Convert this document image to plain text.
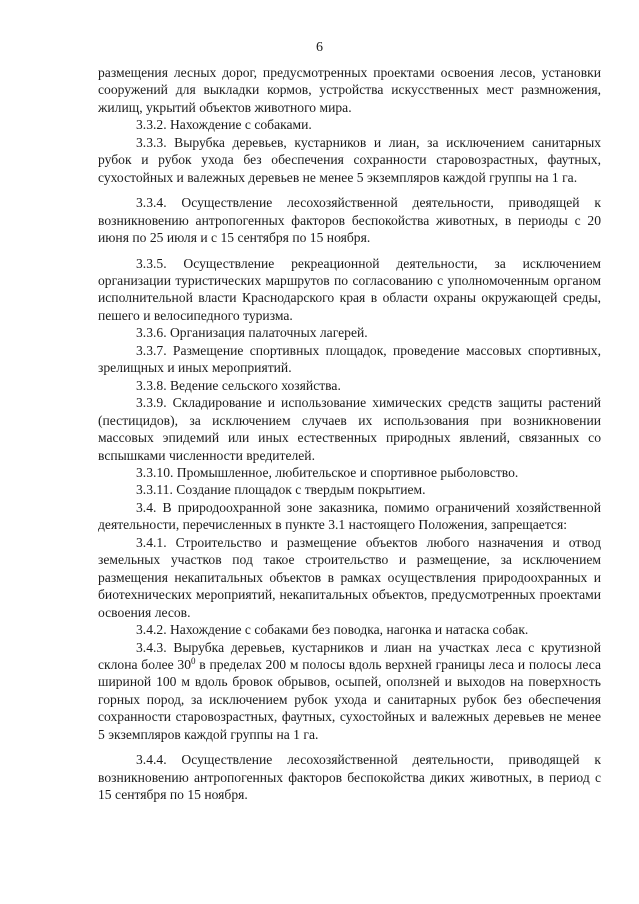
6

размещения лесных дорог, предусмотренных проектами освоения лесов, установки сооружений для выкладки кормов, устройства искусственных мест размножения, жилищ, укрытий объектов животного мира.

3.3.2. Нахождение с собаками.

3.3.3. Вырубка деревьев, кустарников и лиан, за исключением санитарных рубок и рубок ухода без обеспечения сохранности старовозрастных, фаутных, сухостойных и валежных деревьев не менее 5 экземпляров каждой группы на 1 га.

3.3.4. Осуществление лесохозяйственной деятельности, приводящей к возникновению антропогенных факторов беспокойства животных, в периоды с 20 июня по 25 июля и с 15 сентября по 15 ноября.

3.3.5. Осуществление рекреационной деятельности, за исключением организации туристических маршрутов по согласованию с уполномоченным органом исполнительной власти Краснодарского края в области охраны окружающей среды, пешего и велосипедного туризма.

3.3.6. Организация палаточных лагерей.

3.3.7. Размещение спортивных площадок, проведение массовых спортивных, зрелищных и иных мероприятий.

3.3.8. Ведение сельского хозяйства.

3.3.9. Складирование и использование химических средств защиты растений (пестицидов), за исключением случаев их использования при возникновении массовых эпидемий или иных естественных природных явлений, связанных со вспышками численности вредителей.

3.3.10. Промышленное, любительское и спортивное рыболовство.

3.3.11. Создание площадок с твердым покрытием.

3.4. В природоохранной зоне заказника, помимо ограничений хозяйственной деятельности, перечисленных в пункте 3.1 настоящего Положения, запрещается:

3.4.1. Строительство и размещение объектов любого назначения и отвод земельных участков под такое строительство и размещение, за исключением размещения некапитальных объектов в рамках осуществления природоохранных и биотехнических мероприятий, некапитальных объектов, предусмотренных проектами освоения лесов.

3.4.2. Нахождение с собаками без поводка, нагонка и натаска собак.

3.4.3. Вырубка деревьев, кустарников и лиан на участках леса с крутизной склона более $30^0$ в пределах 200 м полосы вдоль верхней границы леса и полосы леса шириной 100 м вдоль бровок обрывов, осыпей, оползней и выходов на поверхность горных пород, за исключением рубок ухода и санитарных рубок без обеспечения сохранности старовозрастных, фаутных, сухостойных и валежных деревьев не менее 5 экземпляров каждой группы на 1 га.

3.4.4. Осуществление лесохозяйственной деятельности, приводящей к возникновению антропогенных факторов беспокойства диких животных, в период с 15 сентября по 15 ноября.
